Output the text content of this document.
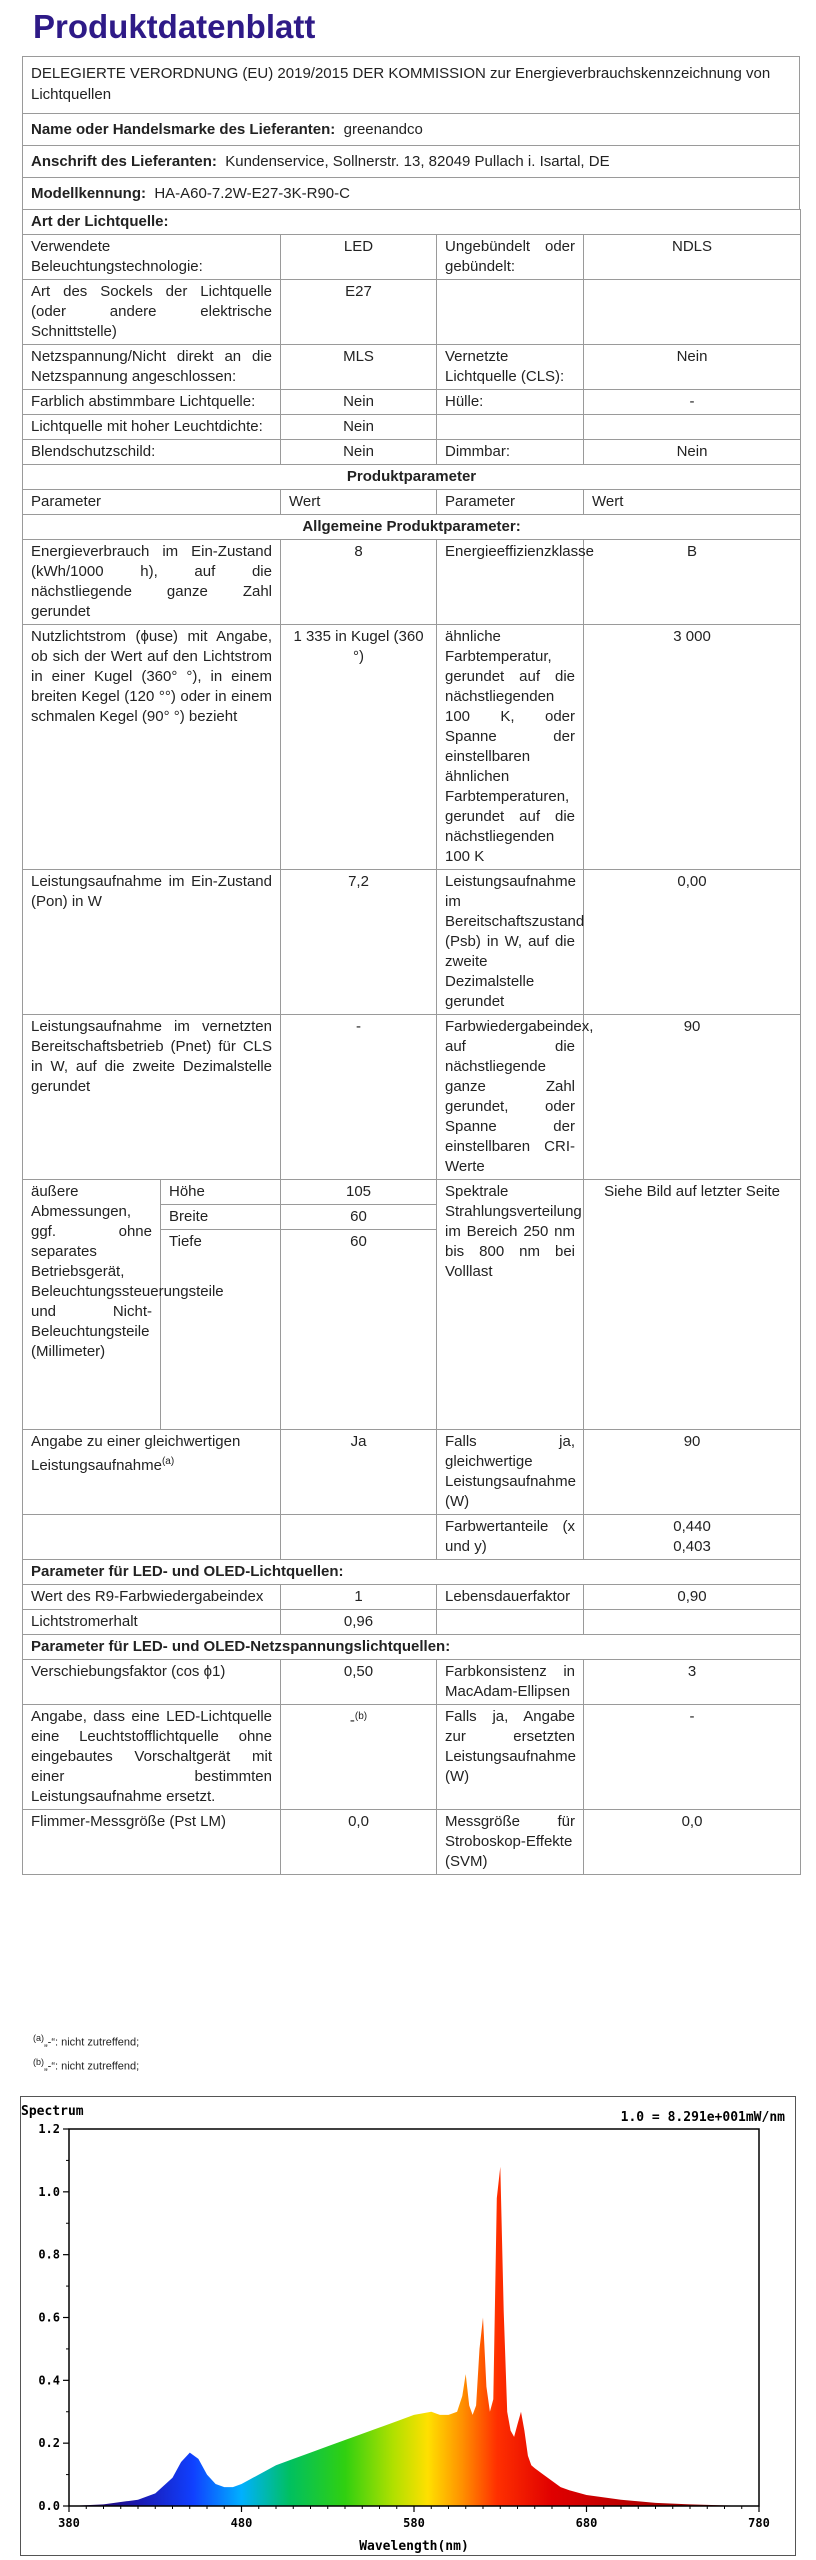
Produktdatenblatt
DELEGIERTE VERORDNUNG (EU) 2019/2015 DER KOMMISSION zur Energieverbrauchskennzeichnung von Lichtquellen
Name oder Handelsmarke des Lieferanten: greenandco
Anschrift des Lieferanten: Kundenservice, Sollnerstr. 13, 82049 Pullach i. Isartal, DE
Modellkennung: HA-A60-7.2W-E27-3K-R90-C
Art der Lichtquelle:				
Verwendete Beleuchtungstechnologie:		LED	Ungebündelt oder gebündelt:	NDLS
Art des Sockels der Lichtquelle (oder andere elektrische Schnittstelle)		E27		
Netzspannung/Nicht direkt an die Netzspannung angeschlossen:		MLS	Vernetzte Lichtquelle (CLS):	Nein
Farblich abstimmbare Lichtquelle:		Nein	Hülle:	-
Lichtquelle mit hoher Leuchtdichte:		Nein		
Blendschutzschild:		Nein	Dimmbar:	Nein
Produktparameter				
Parameter		Wert	Parameter	Wert
Allgemeine Produktparameter:				
Energieverbrauch im Ein-Zustand (kWh/1000 h), auf die nächstliegende ganze Zahl gerundet		8	Energieeffizienzklasse	B
Nutzlichtstrom (ϕuse) mit Angabe, ob sich der Wert auf den Lichtstrom in einer Kugel (360° °), in einem breiten Kegel (120 °°) oder in einem schmalen Kegel (90° °) bezieht		1 335 in Kugel (360 °)	ähnliche Farbtemperatur, gerundet auf die nächstliegenden 100 K, oder Spanne der einstellbaren ähnlichen Farbtemperaturen, gerundet auf die nächstliegenden 100 K	3 000
Leistungsaufnahme im Ein-Zustand (Pon) in W		7,2	Leistungsaufnahme im Bereitschaftszustand (Psb) in W, auf die zweite Dezimalstelle gerundet	0,00
Leistungsaufnahme im vernetzten Bereitschaftsbetrieb (Pnet) für CLS in W, auf die zweite Dezimalstelle gerundet		-	Farbwiedergabeindex, auf die nächstliegende ganze Zahl gerundet, oder Spanne der einstellbaren CRI-Werte	90
äußere Abmessungen, ggf. ohne separates Betriebsgerät, Beleuchtungssteuerungsteile und Nicht-Beleuchtungsteile (Millimeter)	Höhe	105	Spektrale Strahlungsverteilung im Bereich 250 nm bis 800 nm bei Volllast	Siehe Bild auf letzter Seite
	Breite	60		
	Tiefe	60		
Angabe zu einer gleichwertigen Leistungsaufnahme$^{(a)}$		Ja	Falls ja, gleichwertige Leistungsaufnahme (W)	90
			Farbwertanteile (x und y)	0,440
0,403

Parameter für LED- und OLED-Lichtquellen:				
Wert des R9-Farbwiedergabeindex		1	Lebensdauerfaktor	0,90
Lichtstromerhalt		0,96		
Parameter für LED- und OLED-Netzspannungslichtquellen:				
Verschiebungsfaktor (cos ϕ1)		0,50	Farbkonsistenz in MacAdam-Ellipsen	3
Angabe, dass eine LED-Lichtquelle eine Leuchtstofflichtquelle ohne eingebautes Vorschaltgerät mit einer bestimmten Leistungsaufnahme ersetzt.		-$^{(b)}$	Falls ja, Angabe zur ersetzten Leistungsaufnahme (W)	-
Flimmer-Messgröße (Pst LM)		0,0	Messgröße für Stroboskop-Effekte (SVM)	0,0
$^{(a)}$„-“: nicht zutreffend;
$^{(b)}$„-“: nicht zutreffend;
Spectrum	1.0 = 8.291e+001mW/nm
Wavelength(nm)
0.0
0.2
0.4
0.6
0.8
1.0
1.2
380	480	580	680	780
